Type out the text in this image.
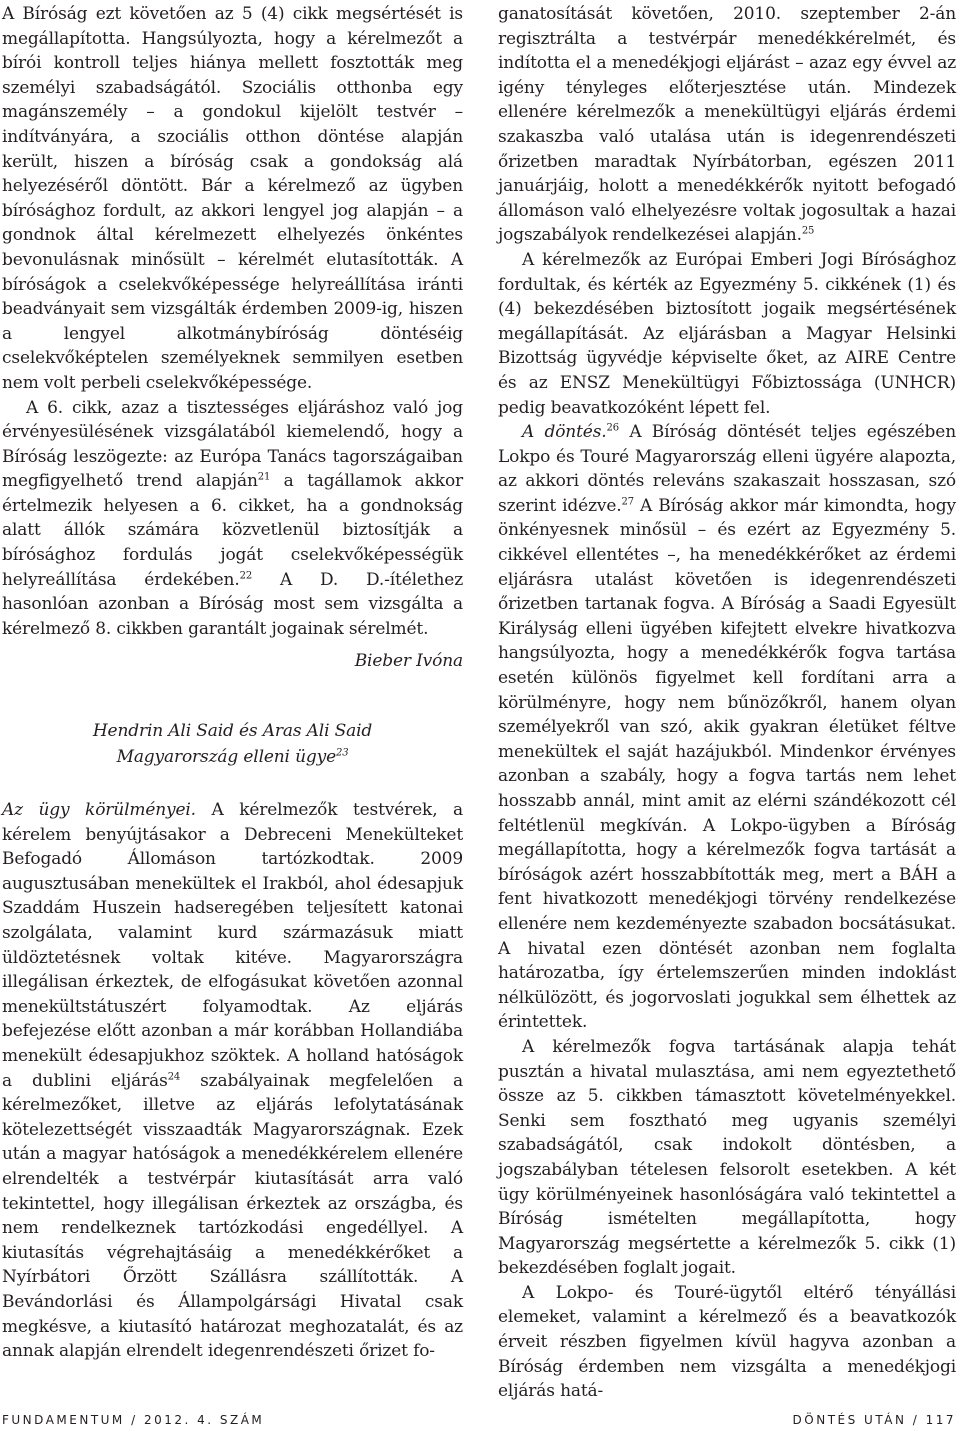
A Bíróság ezt követően az 5 (4) cikk megsértését is megállapította. Hangsúlyozta, hogy a kérelmezőt a bírói kontroll teljes hiánya mellett fosztották meg személyi szabadságától. Szociális otthonba egy magánszemély – a gondokul kijelölt testvér – indítványára, a szociális otthon döntése alapján került, hiszen a bíróság csak a gondokság alá helyezéséről döntött. Bár a kérelmező az ügyben bírósághoz fordult, az akkori lengyel jog alapján – a gondnok által kérelmezett elhelyezés önkéntes bevonulásnak minősült – kérelmét elutasították. A bíróságok a cselekvőképessége helyreállítása iránti beadványait sem vizsgálták érdemben 2009-ig, hiszen a lengyel alkotmánybíróság döntéséig cselekvőképtelen személyeknek semmilyen esetben nem volt perbeli cselekvőképessége.

A 6. cikk, azaz a tisztességes eljáráshoz való jog érvényesülésének vizsgálatából kiemelendő, hogy a Bíróság leszögezte: az Európa Tanács tagországaiban megfigyelhető trend alapján$^{21}$ a tagállamok akkor értelmezik helyesen a 6. cikket, ha a gondnokság alatt állók számára közvetlenül biztosítják a bírósághoz fordulás jogát cselekvőképességük helyreállítása érdekében.$^{22}$ A D. D.-ítélethez hasonlóan azonban a Bíróság most sem vizsgálta a kérelmező 8. cikkben garantált jogainak sérelmét.

Bieber Ivóna

Hendrin Ali Said és Aras Ali Said
Magyarország elleni ügye$^{23}$

Az ügy körülményei. A kérelmezők testvérek, a kérelem benyújtásakor a Debreceni Menekülteket Befogadó Állomáson tartózkodtak. 2009 augusztusában menekültek el Irakból, ahol édesapjuk Szaddám Huszein hadseregében teljesített katonai szolgálata, valamint kurd származásuk miatt üldöztetésnek voltak kitéve. Magyarországra illegálisan érkeztek, de elfogásukat követően azonnal menekültstátuszért folyamodtak. Az eljárás befejezése előtt azonban a már korábban Hollandiába menekült édesapjukhoz szöktek. A holland hatóságok a dublini eljárás$^{24}$ szabályainak megfelelően a kérelmezőket, illetve az eljárás lefolytatásának kötelezettségét visszaadták Magyarországnak. Ezek után a magyar hatóságok a menedékkérelem ellenére elrendelték a testvérpár kiutasítását arra való tekintettel, hogy illegálisan érkeztek az országba, és nem rendelkeznek tartózkodási engedéllyel. A kiutasítás végrehajtásáig a menedékkérőket a Nyírbátori Őrzött Szállásra szállították. A Bevándorlási és Állampolgársági Hivatal csak megkésve, a kiutasító határozat meghozatalát, és az annak alapján elrendelt idegenrendészeti őrizet fo-

ganatosítását követően, 2010. szeptember 2-án regisztrálta a testvérpár menedékkérelmét, és indította el a menedékjogi eljárást – azaz egy évvel az igény tényleges előterjesztése után. Mindezek ellenére kérelmezők a menekültügyi eljárás érdemi szakaszba való utalása után is idegenrendészeti őrizetben maradtak Nyírbátorban, egészen 2011 januárjáig, holott a menedékkérők nyitott befogadó állomáson való elhelyezésre voltak jogosultak a hazai jogszabályok rendelkezései alapján.$^{25}$

A kérelmezők az Európai Emberi Jogi Bírósághoz fordultak, és kérték az Egyezmény 5. cikkének (1) és (4) bekezdésében biztosított jogaik megsértésének megállapítását. Az eljárásban a Magyar Helsinki Bizottság ügyvédje képviselte őket, az AIRE Centre és az ENSZ Menekültügyi Főbiztossága (UNHCR) pedig beavatkozóként lépett fel.

A döntés.$^{26}$ A Bíróság döntését teljes egészében Lokpo és Touré Magyarország elleni ügyére alapozta, az akkori döntés releváns szakaszait hosszasan, szó szerint idézve.$^{27}$ A Bíróság akkor már kimondta, hogy önkényesnek minősül – és ezért az Egyezmény 5. cikkével ellentétes –, ha menedékkérőket az érdemi eljárásra utalást követően is idegenrendészeti őrizetben tartanak fogva. A Bíróság a Saadi Egyesült Királyság elleni ügyében kifejtett elvekre hivatkozva hangsúlyozta, hogy a menedékkérők fogva tartása esetén különös figyelmet kell fordítani arra a körülményre, hogy nem bűnözőkről, hanem olyan személyekről van szó, akik gyakran életüket féltve menekültek el saját hazájukból. Mindenkor érvényes azonban a szabály, hogy a fogva tartás nem lehet hosszabb annál, mint amit az elérni szándékozott cél feltétlenül megkíván. A Lokpo-ügyben a Bíróság megállapította, hogy a kérelmezők fogva tartását a bíróságok azért hosszabbították meg, mert a BÁH a fent hivatkozott menedékjogi törvény rendelkezése ellenére nem kezdeményezte szabadon bocsátásukat. A hivatal ezen döntését azonban nem foglalta határozatba, így értelemszerűen minden indoklást nélkülözött, és jogorvoslati jogukkal sem élhettek az érintettek.

A kérelmezők fogva tartásának alapja tehát pusztán a hivatal mulasztása, ami nem egyeztethető össze az 5. cikkben támasztott követelményekkel. Senki sem fosztható meg ugyanis személyi szabadságától, csak indokolt döntésben, a jogszabályban tételesen felsorolt esetekben. A két ügy körülményeinek hasonlóságára való tekintettel a Bíróság ismételten megállapította, hogy Magyarország megsértette a kérelmezők 5. cikk (1) bekezdésében foglalt jogait.

A Lokpo- és Touré-ügytől eltérő tényállási elemeket, valamint a kérelmező és a beavatkozók érveit részben figyelmen kívül hagyva azonban a Bíróság érdemben nem vizsgálta a menedékjogi eljárás hatá-

FUNDAMENTUM / 2012. 4. SZÁM	DÖNTÉS UTÁN / 117
